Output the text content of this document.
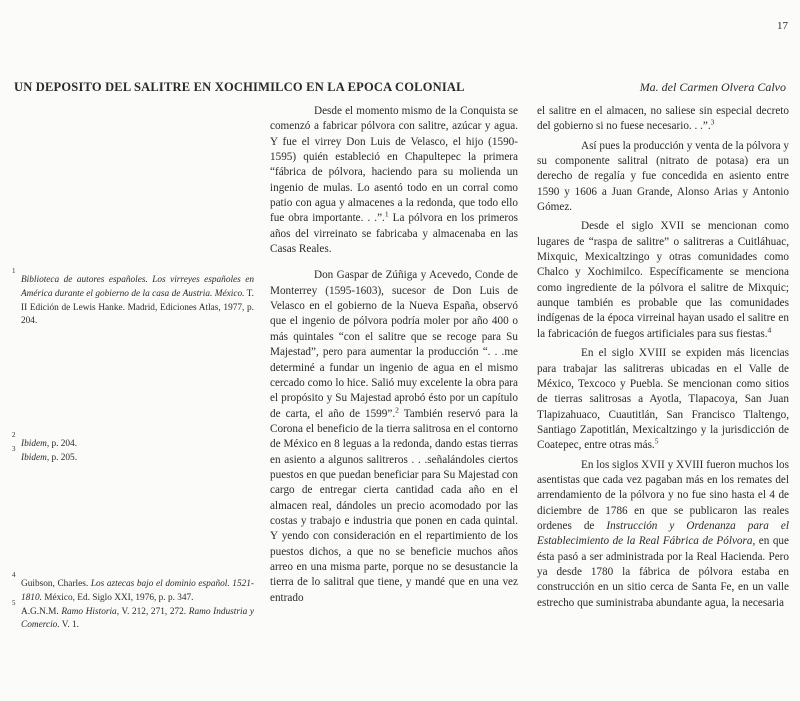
17
UN DEPOSITO DEL SALITRE EN XOCHIMILCO EN LA EPOCA COLONIAL	Ma. del Carmen Olvera Calvo

1
Biblioteca de autores españoles. Los virreyes españoles en América durante el gobierno de la casa de Austria. México. T. II Edición de Lewis Hanke. Madrid, Ediciones Atlas, 1977, p. 204.

2
Ibidem, p. 204.

3
Ibidem, p. 205.

4
Guibson, Charles. Los aztecas bajo el dominio español. 1521-1810. México, Ed. Siglo XXI, 1976, p. p. 347.

5
A.G.N.M. Ramo Historia, V. 212, 271, 272. Ramo Industria y Comercio. V. 1.

Desde el momento mismo de la Conquista se comenzó a fabricar pólvora con salitre, azúcar y agua. Y fue el virrey Don Luis de Velasco, el hijo (1590-1595) quién estableció en Chapultepec la primera “fábrica de pólvora, haciendo para su molienda un ingenio de mulas. Lo asentó todo en un corral como patio con agua y almacenes a la redonda, que todo ello fue obra importante. . .”.$^1$ La pólvora en los primeros años del virreinato se fabricaba y almacenaba en las Casas Reales.

Don Gaspar de Zúñiga y Acevedo, Conde de Monterrey (1595-1603), sucesor de Don Luis de Velasco en el gobierno de la Nueva España, observó que el ingenio de pólvora podría moler por año 400 o más quintales “con el salitre que se recoge para Su Majestad”, pero para aumentar la producción “. . .me determiné a fundar un ingenio de agua en el mismo cercado como lo hice. Salió muy excelente la obra para el propósito y Su Majestad aprobó ésto por un capítulo de carta, el año de 1599”.$^2$ También reservó para la Corona el beneficio de la tierra salitrosa en el contorno de México en 8 leguas a la redonda, dando estas tierras en asiento a algunos salitreros . . .señalándoles ciertos puestos en que puedan beneficiar para Su Majestad con cargo de entregar cierta cantidad cada año en el almacen real, dándoles un precio acomodado por las costas y trabajo e industria que ponen en cada quintal. Y yendo con consideración en el repartimiento de los puestos dichos, a que no se beneficie muchos años arreo en una misma parte, porque no se desustancie la tierra de lo salitral que tiene, y mandé que en una vez entrado

el salitre en el almacen, no saliese sin especial decreto del gobierno si no fuese necesario. . .”.$^3$

Así pues la producción y venta de la pólvora y su componente salitral (nitrato de potasa) era un derecho de regalía y fue concedida en asiento entre 1590 y 1606 a Juan Grande, Alonso Arias y Antonio Gómez.

Desde el siglo XVII se mencionan como lugares de “raspa de salitre” o salitreras a Cuitláhuac, Mixquic, Mexicaltzingo y otras comunidades como Chalco y Xochimilco. Específicamente se menciona como ingrediente de la pólvora el salitre de Mixquic; aunque también es probable que las comunidades indígenas de la época virreinal hayan usado el salitre en la fabricación de fuegos artificiales para sus fiestas.$^4$

En el siglo XVIII se expiden más licencias para trabajar las salitreras ubicadas en el Valle de México, Texcoco y Puebla. Se mencionan como sitios de tierras salitrosas a Ayotla, Tlapacoya, San Juan Tlapizahuaco, Cuautitlán, San Francisco Tlaltengo, Santiago Zapotitlán, Mexicaltzingo y la jurisdicción de Coatepec, entre otras más.$^5$

En los siglos XVII y XVIII fueron muchos los asentistas que cada vez pagaban más en los remates del arrendamiento de la pólvora y no fue sino hasta el 4 de diciembre de 1786 en que se publicaron las reales ordenes de Instrucción y Ordenanza para el Establecimiento de la Real Fábrica de Pólvora, en que ésta pasó a ser administrada por la Real Hacienda. Pero ya desde 1780 la fábrica de pólvora estaba en construcción en un sitio cerca de Santa Fe, en un valle estrecho que suministraba abundante agua, la necesaria
